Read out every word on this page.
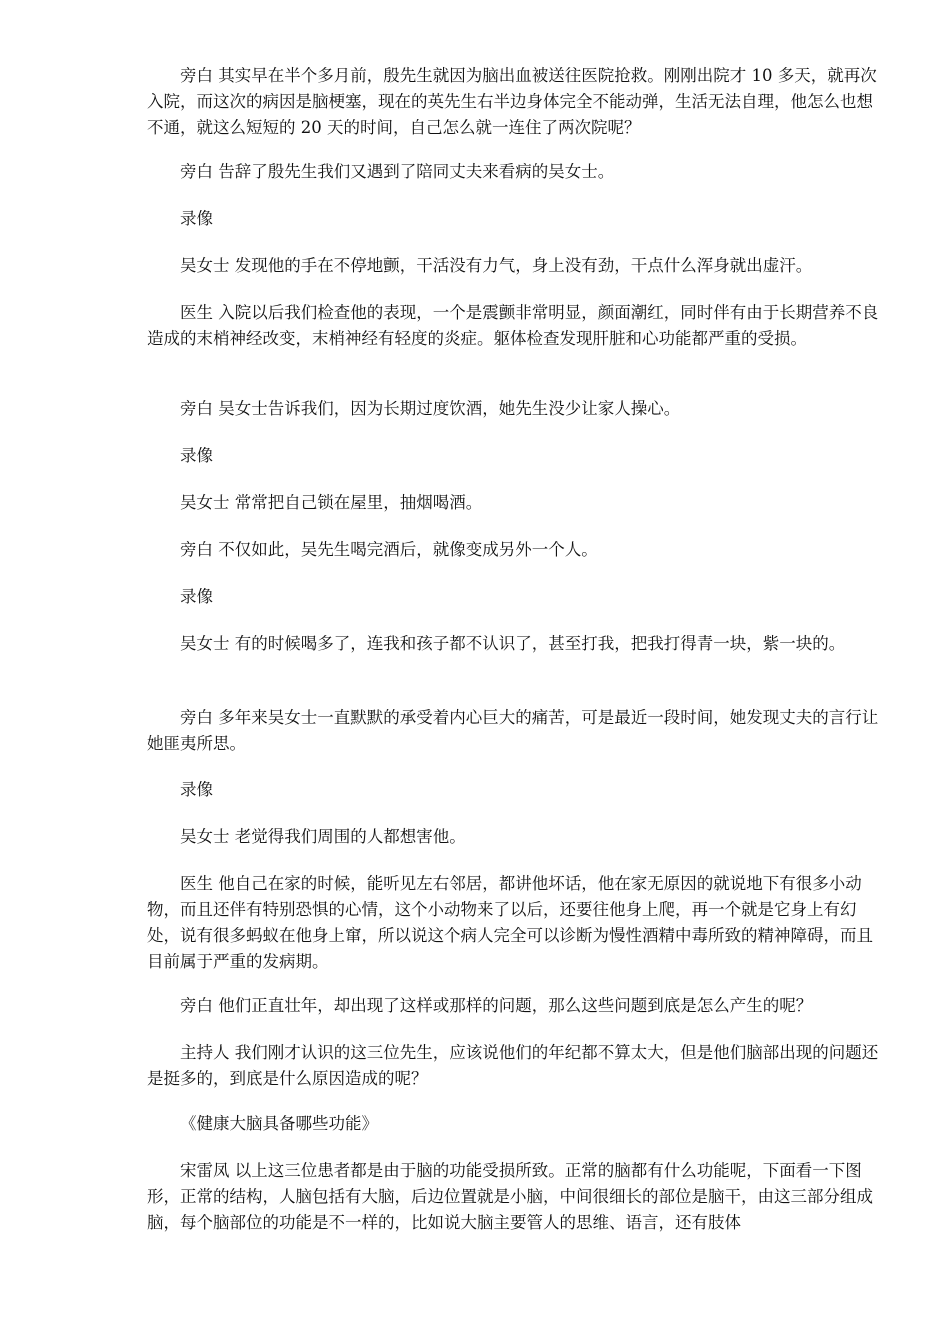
旁白 其实早在半个多月前，殷先生就因为脑出血被送往医院抢救。刚刚出院才 10 多天，就再次入院，而这次的病因是脑梗塞，现在的英先生右半边身体完全不能动弹，生活无法自理，他怎么也想不通，就这么短短的 20 天的时间，自己怎么就一连住了两次院呢？

旁白 告辞了殷先生我们又遇到了陪同丈夫来看病的吴女士。

录像

吴女士 发现他的手在不停地颤，干活没有力气，身上没有劲，干点什么浑身就出虚汗。

医生 入院以后我们检查他的表现，一个是震颤非常明显，颜面潮红，同时伴有由于长期营养不良造成的末梢神经改变，末梢神经有轻度的炎症。躯体检查发现肝脏和心功能都严重的受损。

旁白 吴女士告诉我们，因为长期过度饮酒，她先生没少让家人操心。

录像

吴女士 常常把自己锁在屋里，抽烟喝酒。

旁白 不仅如此，吴先生喝完酒后，就像变成另外一个人。

录像

吴女士 有的时候喝多了，连我和孩子都不认识了，甚至打我，把我打得青一块，紫一块的。

旁白 多年来吴女士一直默默的承受着内心巨大的痛苦，可是最近一段时间，她发现丈夫的言行让她匪夷所思。

录像

吴女士 老觉得我们周围的人都想害他。

医生 他自己在家的时候，能听见左右邻居，都讲他坏话，他在家无原因的就说地下有很多小动物，而且还伴有特别恐惧的心情，这个小动物来了以后，还要往他身上爬，再一个就是它身上有幻处，说有很多蚂蚁在他身上窜，所以说这个病人完全可以诊断为慢性酒精中毒所致的精神障碍，而且目前属于严重的发病期。

旁白 他们正直壮年，却出现了这样或那样的问题，那么这些问题到底是怎么产生的呢？

主持人 我们刚才认识的这三位先生，应该说他们的年纪都不算太大，但是他们脑部出现的问题还是挺多的，到底是什么原因造成的呢？

《健康大脑具备哪些功能》

宋雷凤 以上这三位患者都是由于脑的功能受损所致。正常的脑都有什么功能呢，下面看一下图形，正常的结构，人脑包括有大脑，后边位置就是小脑，中间很细长的部位是脑干，由这三部分组成脑，每个脑部位的功能是不一样的，比如说大脑主要管人的思维、语言，还有肢体
